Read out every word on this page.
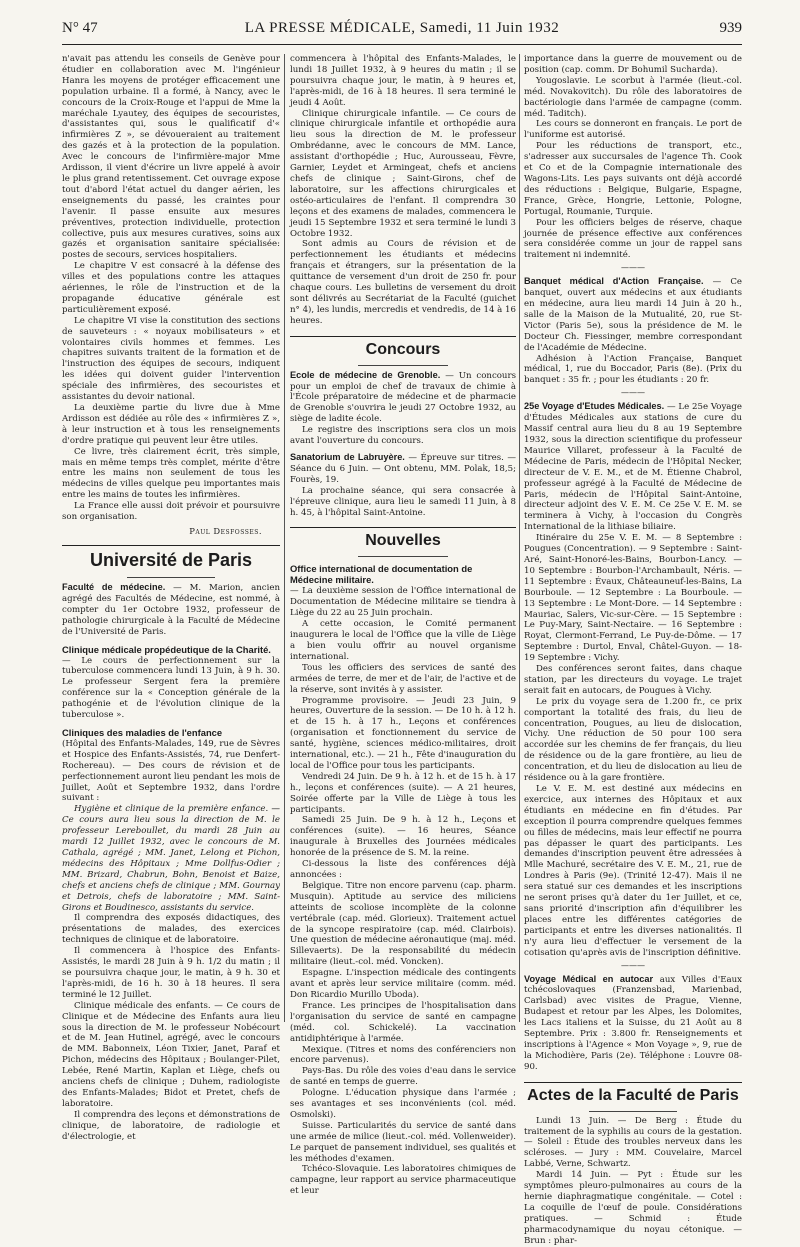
N° 47	LA PRESSE MÉDICALE, Samedi, 11 Juin 1932	939

n'avait pas attendu les conseils de Genève pour étudier en collaboration avec M. l'ingénieur Hanra les moyens de protéger efficacement une population urbaine. Il a formé, à Nancy, avec le concours de la Croix-Rouge et l'appui de Mme la maréchale Lyautey, des équipes de secouristes, d'assistantes qui, sous le qualificatif d'« infirmières Z », se dévoueraient au traitement des gazés et à la protection de la population. Avec le concours de l'infirmière-major Mme Ardisson, il vient d'écrire un livre appelé à avoir le plus grand retentissement. Cet ouvrage expose tout d'abord l'état actuel du danger aérien, les enseignements du passé, les craintes pour l'avenir. Il passe ensuite aux mesures préventives, protection individuelle, protection collective, puis aux mesures curatives, soins aux gazés et organisation sanitaire spécialisée: postes de secours, services hospitaliers.

Le chapitre V est consacré à la défense des villes et des populations contre les attaques aériennes, le rôle de l'instruction et de la propagande éducative générale est particulièrement exposé.

Le chapitre VI vise la constitution des sections de sauveteurs : « noyaux mobilisateurs » et volontaires civils hommes et femmes. Les chapitres suivants traitent de la formation et de l'instruction des équipes de secours, indiquent les idées qui doivent guider l'intervention spéciale des infirmières, des secouristes et assistantes du devoir national.

La deuxième partie du livre due à Mme Ardisson est dédiée au rôle des « infirmières Z », à leur instruction et à tous les renseignements d'ordre pratique qui peuvent leur être utiles.

Ce livre, très clairement écrit, très simple, mais en même temps très complet, mérite d'être entre les mains non seulement de tous les médecins de villes quelque peu importantes mais entre les mains de toutes les infirmières.

La France elle aussi doit prévoir et poursuivre son organisation.

Paul Desfosses.
Université de Paris

Faculté de médecine. — M. Marion, ancien agrégé des Facultés de Médecine, est nommé, à compter du 1er Octobre 1932, professeur de pathologie chirurgicale à la Faculté de Médecine de l'Université de Paris.

Clinique médicale propédeutique de la Charité.

— Le cours de perfectionnement sur la tuberculose commencera lundi 13 Juin, à 9 h. 30. Le professeur Sergent fera la première conférence sur la « Conception générale de la pathogénie et de l'évolution clinique de la tuberculose ».

Cliniques des maladies de l'enfance

(Hôpital des Enfants-Malades, 149, rue de Sèvres et Hospice des Enfants-Assistés, 74, rue Denfert-Rochereau). — Des cours de révision et de perfectionnement auront lieu pendant les mois de Juillet, Août et Septembre 1932, dans l'ordre suivant :

Hygiène et clinique de la première enfance. — Ce cours aura lieu sous la direction de M. le professeur Lereboullet, du mardi 28 Juin au mardi 12 Juillet 1932, avec le concours de M. Cathala, agrégé ; MM. Janet, Lelong et Pichon, médecins des Hôpitaux ; Mme Dollfus-Odier ; MM. Brizard, Chabrun, Bohn, Benoist et Baize, chefs et anciens chefs de clinique ; MM. Gournay et Detrois, chefs de laboratoire ; MM. Saint-Girons et Boudinesco, assistants du service.

Il comprendra des exposés didactiques, des présentations de malades, des exercices techniques de clinique et de laboratoire.

Il commencera à l'hospice des Enfants-Assistés, le mardi 28 Juin à 9 h. 1/2 du matin ; il se poursuivra chaque jour, le matin, à 9 h. 30 et l'après-midi, de 16 h. 30 à 18 heures. Il sera terminé le 12 Juillet.

Clinique médicale des enfants. — Ce cours de Clinique et de Médecine des Enfants aura lieu sous la direction de M. le professeur Nobécourt et de M. Jean Hutinel, agrégé, avec le concours de MM. Babonneix, Léon Tixier, Janet, Paraf et Pichon, médecins des Hôpitaux ; Boulanger-Pilet, Lebée, René Martin, Kaplan et Liège, chefs ou anciens chefs de clinique ; Duhem, radiologiste des Enfants-Malades; Bidot et Pretet, chefs de laboratoire.

Il comprendra des leçons et démonstrations de clinique, de laboratoire, de radiologie et d'électrologie, et

commencera à l'hôpital des Enfants-Malades, le lundi 18 Juillet 1932, à 9 heures du matin ; il se poursuivra chaque jour, le matin, à 9 heures et, l'après-midi, de 16 à 18 heures. Il sera terminé le jeudi 4 Août.

Clinique chirurgicale infantile. — Ce cours de clinique chirurgicale infantile et orthopédie aura lieu sous la direction de M. le professeur Ombrédanne, avec le concours de MM. Lance, assistant d'orthopédie ; Huc, Aurousseau, Fèvre, Garnier, Leydet et Armingeat, chefs et anciens chefs de clinique ; Saint-Girons, chef de laboratoire, sur les affections chirurgicales et ostéo-articulaires de l'enfant. Il comprendra 30 leçons et des examens de malades, commencera le jeudi 15 Septembre 1932 et sera terminé le lundi 3 Octobre 1932.

Sont admis au Cours de révision et de perfectionnement les étudiants et médecins français et étrangers, sur la présentation de la quittance de versement d'un droit de 250 fr. pour chaque cours. Les bulletins de versement du droit sont délivrés au Secrétariat de la Faculté (guichet n° 4), les lundis, mercredis et vendredis, de 14 à 16 heures.

Concours

Ecole de médecine de Grenoble. — Un concours pour un emploi de chef de travaux de chimie à l'École préparatoire de médecine et de pharmacie de Grenoble s'ouvrira le jeudi 27 Octobre 1932, au siège de ladite école.

Le registre des inscriptions sera clos un mois avant l'ouverture du concours.

Sanatorium de Labruyère. — Épreuve sur titres. — Séance du 6 Juin. — Ont obtenu, MM. Polak, 18,5; Fourès, 19.

La prochaine séance, qui sera consacrée à l'épreuve clinique, aura lieu le samedi 11 Juin, à 8 h. 45, à l'hôpital Saint-Antoine.

Nouvelles
Office international de documentation de Médecine militaire.

— La deuxième session de l'Office international de Documentation de Médecine militaire se tiendra à Liège du 22 au 25 Juin prochain.

A cette occasion, le Comité permanent inaugurera le local de l'Office que la ville de Liège a bien voulu offrir au nouvel organisme international.

Tous les officiers des services de santé des armées de terre, de mer et de l'air, de l'active et de la réserve, sont invités à y assister.

Programme provisoire. — Jeudi 23 Juin, 9 heures, Ouverture de la session. — De 10 h. à 12 h. et de 15 h. à 17 h., Leçons et conférences (organisation et fonctionnement du service de santé, hygiène, sciences médico-militaires, droit international, etc.). — 21 h., Fête d'inauguration du local de l'Office pour tous les participants.

Vendredi 24 Juin. De 9 h. à 12 h. et de 15 h. à 17 h., leçons et conférences (suite). — A 21 heures, Soirée offerte par la Ville de Liège à tous les participants.

Samedi 25 Juin. De 9 h. à 12 h., Leçons et conférences (suite). — 16 heures, Séance inaugurale à Bruxelles des Journées médicales honorée de la présence de S. M. la reine.

Ci-dessous la liste des conférences déjà annoncées :

Belgique. Titre non encore parvenu (cap. pharm. Musquin). Aptitude au service des miliciens atteints de scoliose incomplète de la colonne vertébrale (cap. méd. Glorieux). Traitement actuel de la syncope respiratoire (cap. méd. Clairbois). Une question de médecine aéronautique (maj. méd. Sillevaerts). De la responsabilité du médecin militaire (lieut.-col. méd. Voncken).

Espagne. L'inspection médicale des contingents avant et après leur service militaire (comm. méd. Don Ricardio Murillo Uboda).

France. Les principes de l'hospitalisation dans l'organisation du service de santé en campagne (méd. col. Schickelé). La vaccination antidiphtérique à l'armée.

Mexique. (Titres et noms des conférenciers non encore parvenus).

Pays-Bas. Du rôle des voies d'eau dans le service de santé en temps de guerre.

Pologne. L'éducation physique dans l'armée ; ses avantages et ses inconvénients (col. méd. Osmolski).

Suisse. Particularités du service de santé dans une armée de milice (lieut.-col. méd. Vollenweider). Le parquet de pansement individuel, ses qualités et les méthodes d'examen.

Tchéco-Slovaquie. Les laboratoires chimiques de campagne, leur rapport au service pharmaceutique et leur

importance dans la guerre de mouvement ou de position (cap. comm. Dr Bohumil Sucharda).

Yougoslavie. Le scorbut à l'armée (lieut.-col. méd. Novakovitch). Du rôle des laboratoires de bactériologie dans l'armée de campagne (comm. méd. Taditch).

Les cours se donneront en français. Le port de l'uniforme est autorisé.

Pour les réductions de transport, etc., s'adresser aux succursales de l'agence Th. Cook et Co et de la Compagnie internationale des Wagons-Lits. Les pays suivants ont déjà accordé des réductions : Belgique, Bulgarie, Espagne, France, Grèce, Hongrie, Lettonie, Pologne, Portugal, Roumanie, Turquie.

Pour les officiers belges de réserve, chaque journée de présence effective aux conférences sera considérée comme un jour de rappel sans traitement ni indemnité.

———

Banquet médical d'Action Française. — Ce banquet, ouvert aux médecins et aux étudiants en médecine, aura lieu mardi 14 Juin à 20 h., salle de la Maison de la Mutualité, 20, rue St-Victor (Paris 5e), sous la présidence de M. le Docteur Ch. Fiessinger, membre correspondant de l'Académie de Médecine.

Adhésion à l'Action Française, Banquet médical, 1, rue du Boccador, Paris (8e). (Prix du banquet : 35 fr. ; pour les étudiants : 20 fr.

———

25e Voyage d'Etudes Médicales. — Le 25e Voyage d'Études Médicales aux stations de cure du Massif central aura lieu du 8 au 19 Septembre 1932, sous la direction scientifique du professeur Maurice Villaret, professeur à la Faculté de Médecine de Paris, médecin de l'Hôpital Necker, directeur de V. E. M., et de M. Étienne Chabrol, professeur agrégé à la Faculté de Médecine de Paris, médecin de l'Hôpital Saint-Antoine, directeur adjoint des V. E. M. Ce 25e V. E. M. se terminera à Vichy, à l'occasion du Congrès International de la lithiase biliaire.

Itinéraire du 25e V. E. M. — 8 Septembre : Pougues (Concentration). — 9 Septembre : Saint-Aré, Saint-Honoré-les-Bains, Bourbon-Lancy. — 10 Septembre : Bourbon-l'Archambault, Néris. — 11 Septembre : Évaux, Châteauneuf-les-Bains, La Bourboule. — 12 Septembre : La Bourboule. — 13 Septembre : Le Mont-Dore. — 14 Septembre : Mauriac, Salers, Vic-sur-Cère. — 15 Septembre : Le Puy-Mary, Saint-Nectaire. — 16 Septembre : Royat, Clermont-Ferrand, Le Puy-de-Dôme. — 17 Septembre : Durtol, Enval, Châtel-Guyon. — 18-19 Septembre : Vichy.

Des conférences seront faites, dans chaque station, par les directeurs du voyage. Le trajet serait fait en autocars, de Pougues à Vichy.

Le prix du voyage sera de 1.200 fr., ce prix comportant la totalité des frais, du lieu de concentration, Pougues, au lieu de dislocation, Vichy. Une réduction de 50 pour 100 sera accordée sur les chemins de fer français, du lieu de résidence ou de la gare frontière, au lieu de concentration, et du lieu de dislocation au lieu de résidence ou à la gare frontière.

Le V. E. M. est destiné aux médecins en exercice, aux internes des Hôpitaux et aux étudiants en médecine en fin d'études. Par exception il pourra comprendre quelques femmes ou filles de médecins, mais leur effectif ne pourra pas dépasser le quart des participants. Les demandes d'inscription peuvent être adressées à Mlle Machuré, secrétaire des V. E. M., 21, rue de Londres à Paris (9e). (Trinité 12-47). Mais il ne sera statué sur ces demandes et les inscriptions ne seront prises qu'à dater du 1er Juillet, et ce, sans priorité d'inscription afin d'équilibrer les places entre les différentes catégories de participants et entre les diverses nationalités. Il n'y aura lieu d'effectuer le versement de la cotisation qu'après avis de l'inscription définitive.

———

Voyage Médical en autocar aux Villes d'Eaux tchécoslovaques (Franzensbad, Marienbad, Carlsbad) avec visites de Prague, Vienne, Budapest et retour par les Alpes, les Dolomites, les Lacs italiens et la Suisse, du 21 Août au 8 Septembre. Prix : 3.800 fr. Renseignements et inscriptions à l'Agence « Mon Voyage », 9, rue de la Michodière, Paris (2e). Téléphone : Louvre 08-90.

Actes de la Faculté de Paris

Lundi 13 Juin. — De Berg : Étude du traitement de la syphilis au cours de la gestation. — Soleil : Étude des troubles nerveux dans les scléroses. — Jury : MM. Couvelaire, Marcel Labbé, Verne, Schwartz.

Mardi 14 Juin. — Pyt : Étude sur les symptômes pleuro-pulmonaires au cours de la hernie diaphragmatique congénitale. — Cotel : La coquille de l'œuf de poule. Considérations pratiques. — Schmid : Étude pharmacodynamique du noyau cétonique. — Brun : phar-
